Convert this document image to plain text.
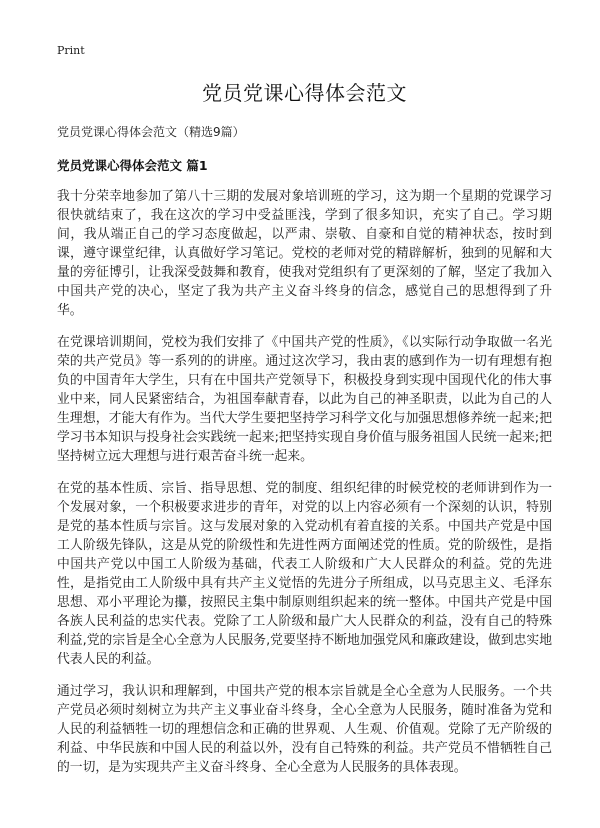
Print

党员党课心得体会范文

党员党课心得体会范文（精选9篇）

党员党课心得体会范文 篇1

我十分荣幸地参加了第八十三期的发展对象培训班的学习，这为期一个星期的党课学习很快就结束了，我在这次的学习中受益匪浅，学到了很多知识，充实了自己。学习期间，我从端正自己的学习态度做起，以严肃、崇敬、自豪和自觉的精神状态，按时到课，遵守课堂纪律，认真做好学习笔记。党校的老师对党的精辟解析，独到的见解和大量的旁征博引，让我深受鼓舞和教育，使我对党组织有了更深刻的了解，坚定了我加入中国共产党的决心，坚定了我为共产主义奋斗终身的信念，感觉自己的思想得到了升华。

在党课培训期间，党校为我们安排了《中国共产党的性质》，《以实际行动争取做一名光荣的共产党员》等一系列的的讲座。通过这次学习，我由衷的感到作为一切有理想有抱负的中国青年大学生，只有在中国共产党领导下，积极投身到实现中国现代化的伟大事业中来，同人民紧密结合，为祖国奉献青春，以此为自己的神圣职责，以此为自己的人生理想，才能大有作为。当代大学生要把坚持学习科学文化与加强思想修养统一起来;把学习书本知识与投身社会实践统一起来;把坚持实现自身价值与服务祖国人民统一起来;把坚持树立远大理想与进行艰苦奋斗统一起来。

在党的基本性质、宗旨、指导思想、党的制度、组织纪律的时候党校的老师讲到作为一个发展对象，一个积极要求进步的青年，对党的以上内容必须有一个深刻的认识，特别是党的基本性质与宗旨。这与发展对象的入党动机有着直接的关系。中国共产党是中国工人阶级先锋队，这是从党的阶级性和先进性两方面阐述党的性质。党的阶级性，是指中国共产党以中国工人阶级为基础，代表工人阶级和广大人民群众的利益。党的先进性，是指党由工人阶级中具有共产主义觉悟的先进分子所组成，以马克思主义、毛泽东思想、邓小平理论为攥，按照民主集中制原则组织起来的统一整体。中国共产党是中国各族人民利益的忠实代表。党除了工人阶级和最广大人民群众的利益，没有自己的特殊利益,党的宗旨是全心全意为人民服务,党要坚持不断地加强党风和廉政建设，做到忠实地代表人民的利益。

通过学习，我认识和理解到，中国共产党的根本宗旨就是全心全意为人民服务。一个共产党员必须时刻树立为共产主义事业奋斗终身，全心全意为人民服务，随时准备为党和人民的利益牺牲一切的理想信念和正确的世界观、人生观、价值观。党除了无产阶级的利益、中华民族和中国人民的利益以外，没有自己特殊的利益。共产党员不惜牺牲自己的一切，是为实现共产主义奋斗终身、全心全意为人民服务的具体表现。
